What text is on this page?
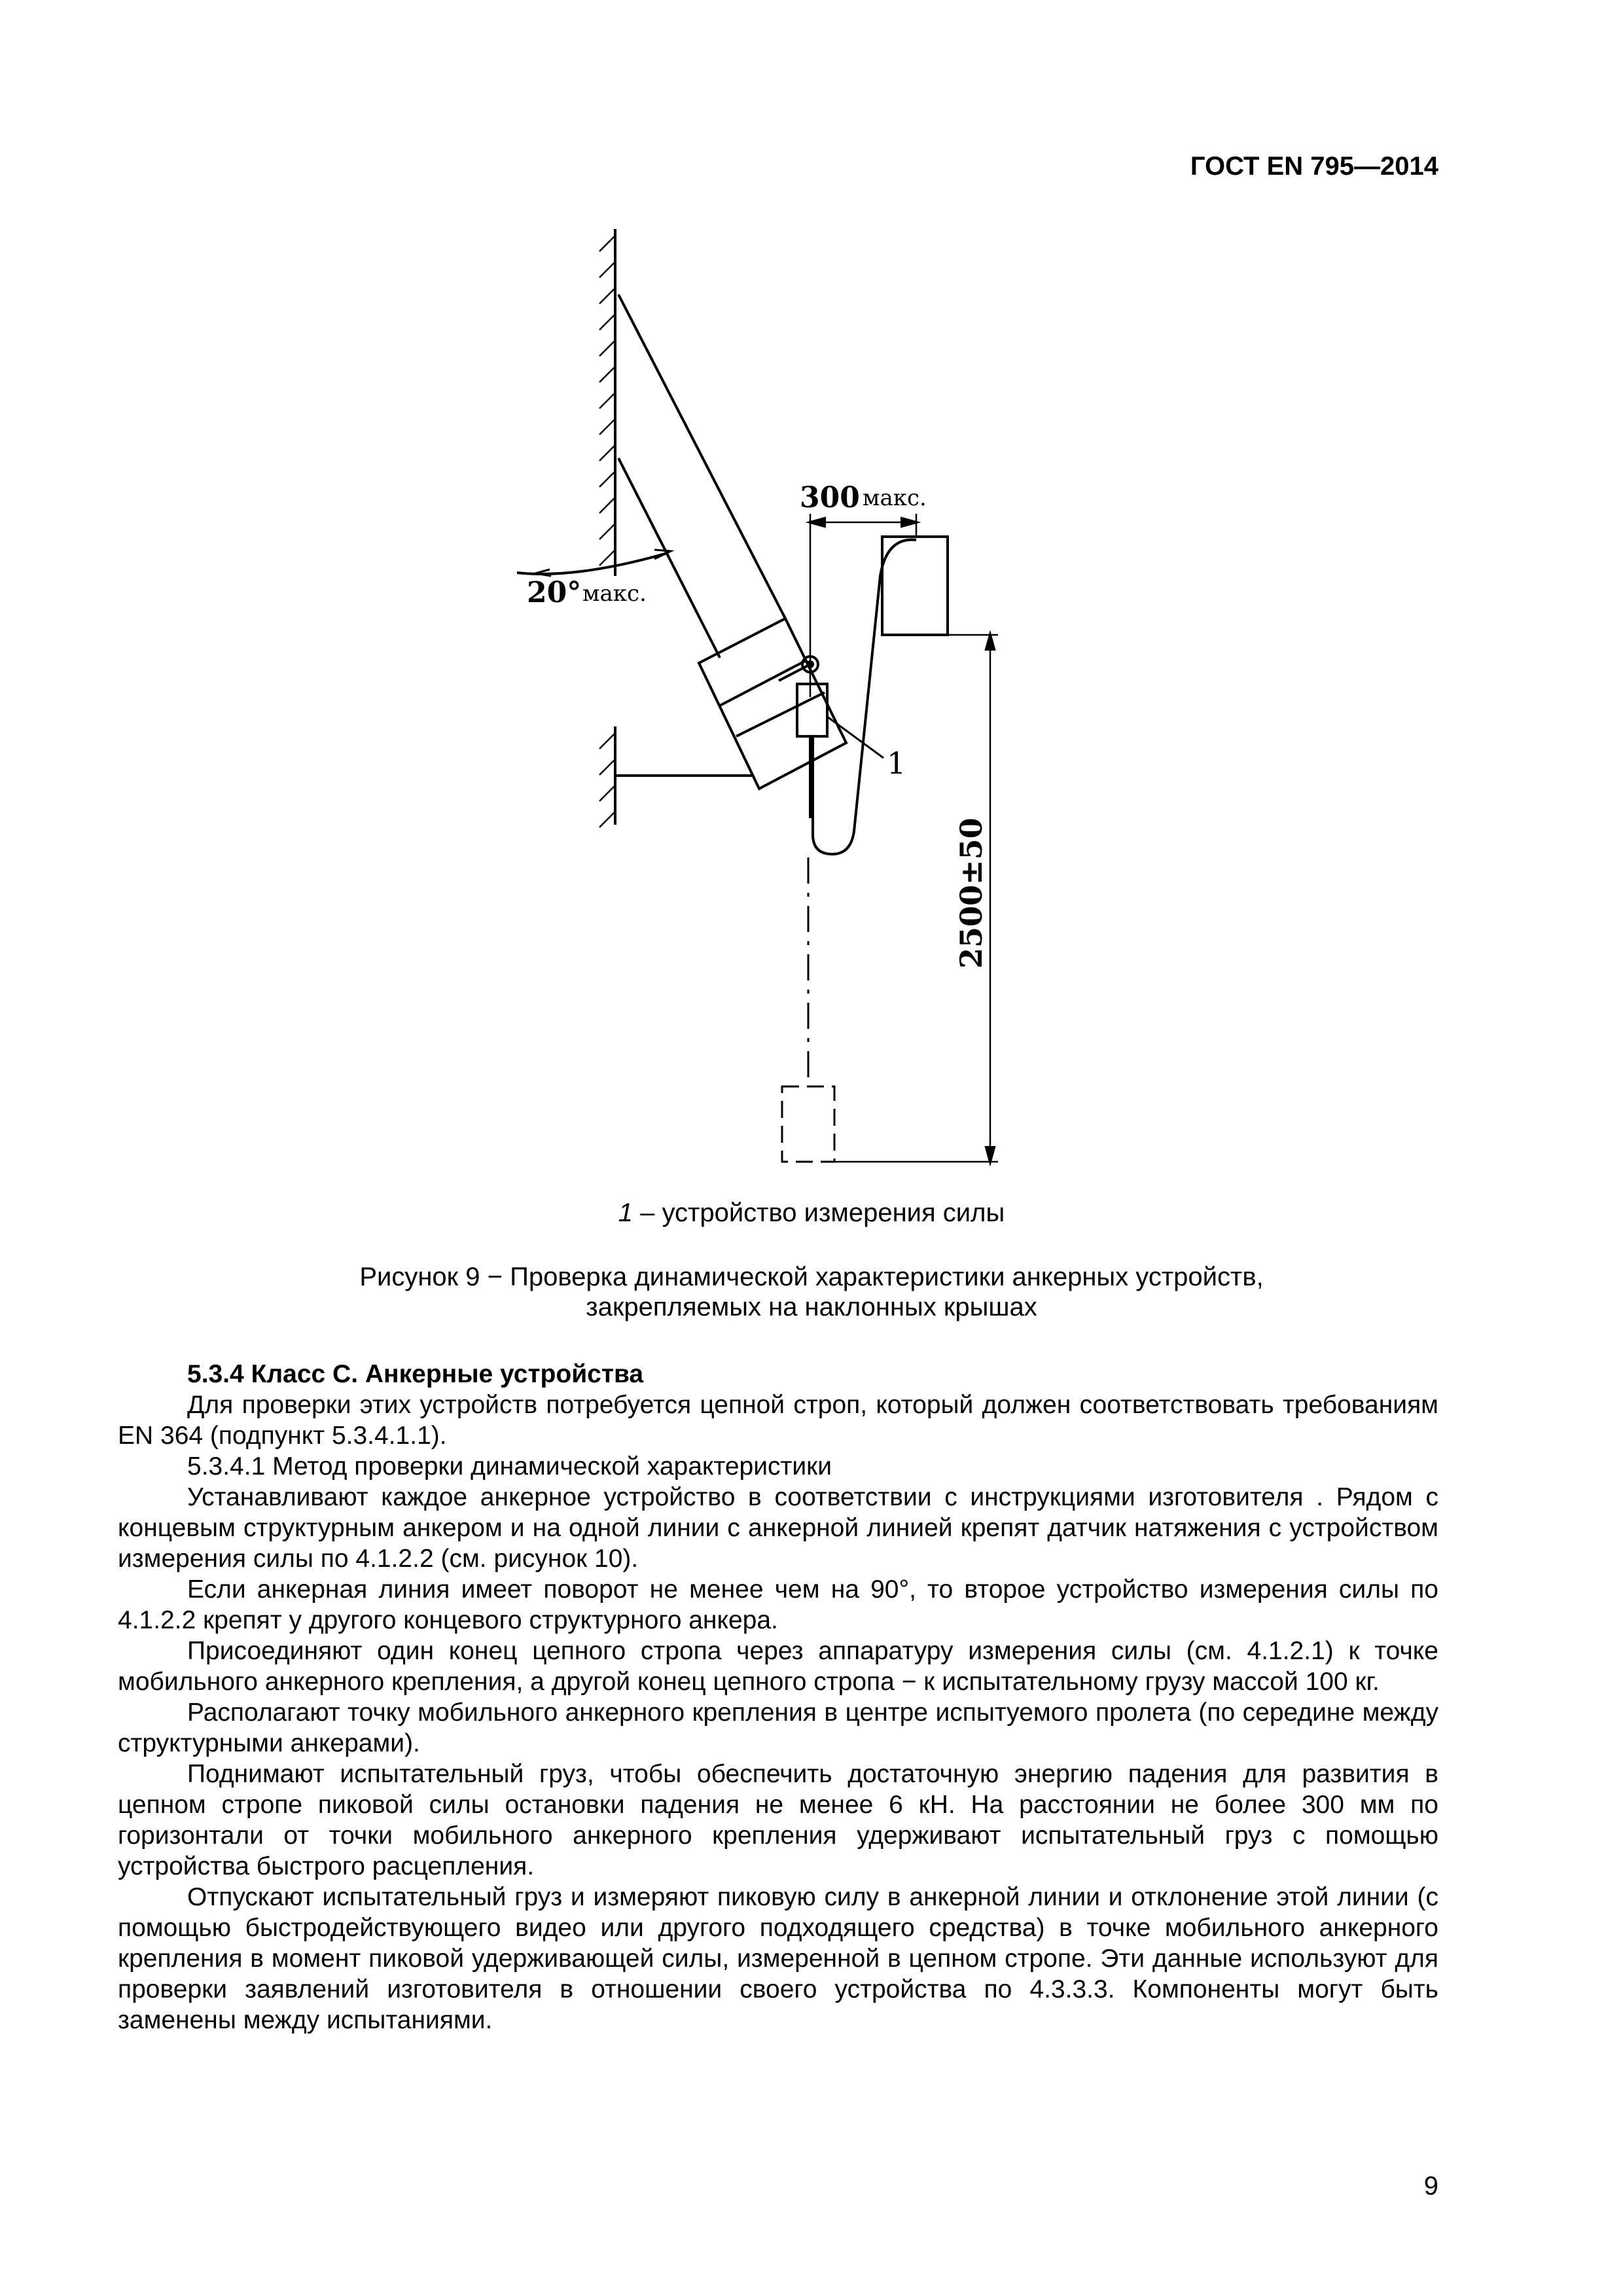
ГОСТ EN 795—2014
300 макс.
20° макс.
1
2500±50
1 – устройство измерения силы
Рисунок 9 − Проверка динамической характеристики анкерных устройств,
закрепляемых на наклонных крышах

5.3.4 Класс С. Анкерные устройства

Для проверки этих устройств потребуется цепной строп, который должен соответствовать требованиям EN 364 (подпункт 5.3.4.1.1).

5.3.4.1 Метод проверки динамической характеристики

Устанавливают каждое анкерное устройство в соответствии с инструкциями изготовителя . Рядом с концевым структурным анкером и на одной линии с анкерной линией крепят датчик натяжения с устройством измерения силы по 4.1.2.2 (см. рисунок 10).

Если анкерная линия имеет поворот не менее чем на 90°, то второе устройство измерения силы по 4.1.2.2 крепят у другого концевого структурного анкера.

Присоединяют один конец цепного стропа через аппаратуру измерения силы (см. 4.1.2.1) к точке мобильного анкерного крепления, а другой конец цепного стропа − к испытательному грузу массой 100 кг.

Располагают точку мобильного анкерного крепления в центре испытуемого пролета (по середине между структурными анкерами).

Поднимают испытательный груз, чтобы обеспечить достаточную энергию падения для развития в цепном стропе пиковой силы остановки падения не менее 6 кН. На расстоянии не более 300 мм по горизонтали от точки мобильного анкерного крепления удерживают испытательный груз с помощью устройства быстрого расцепления.

Отпускают испытательный груз и измеряют пиковую силу в анкерной линии и отклонение этой линии (с помощью быстродействующего видео или другого подходящего средства) в точке мобильного анкерного крепления в момент пиковой удерживающей силы, измеренной в цепном стропе. Эти данные используют для проверки заявлений изготовителя в отношении своего устройства по 4.3.3.3. Компоненты могут быть заменены между испытаниями.

9
